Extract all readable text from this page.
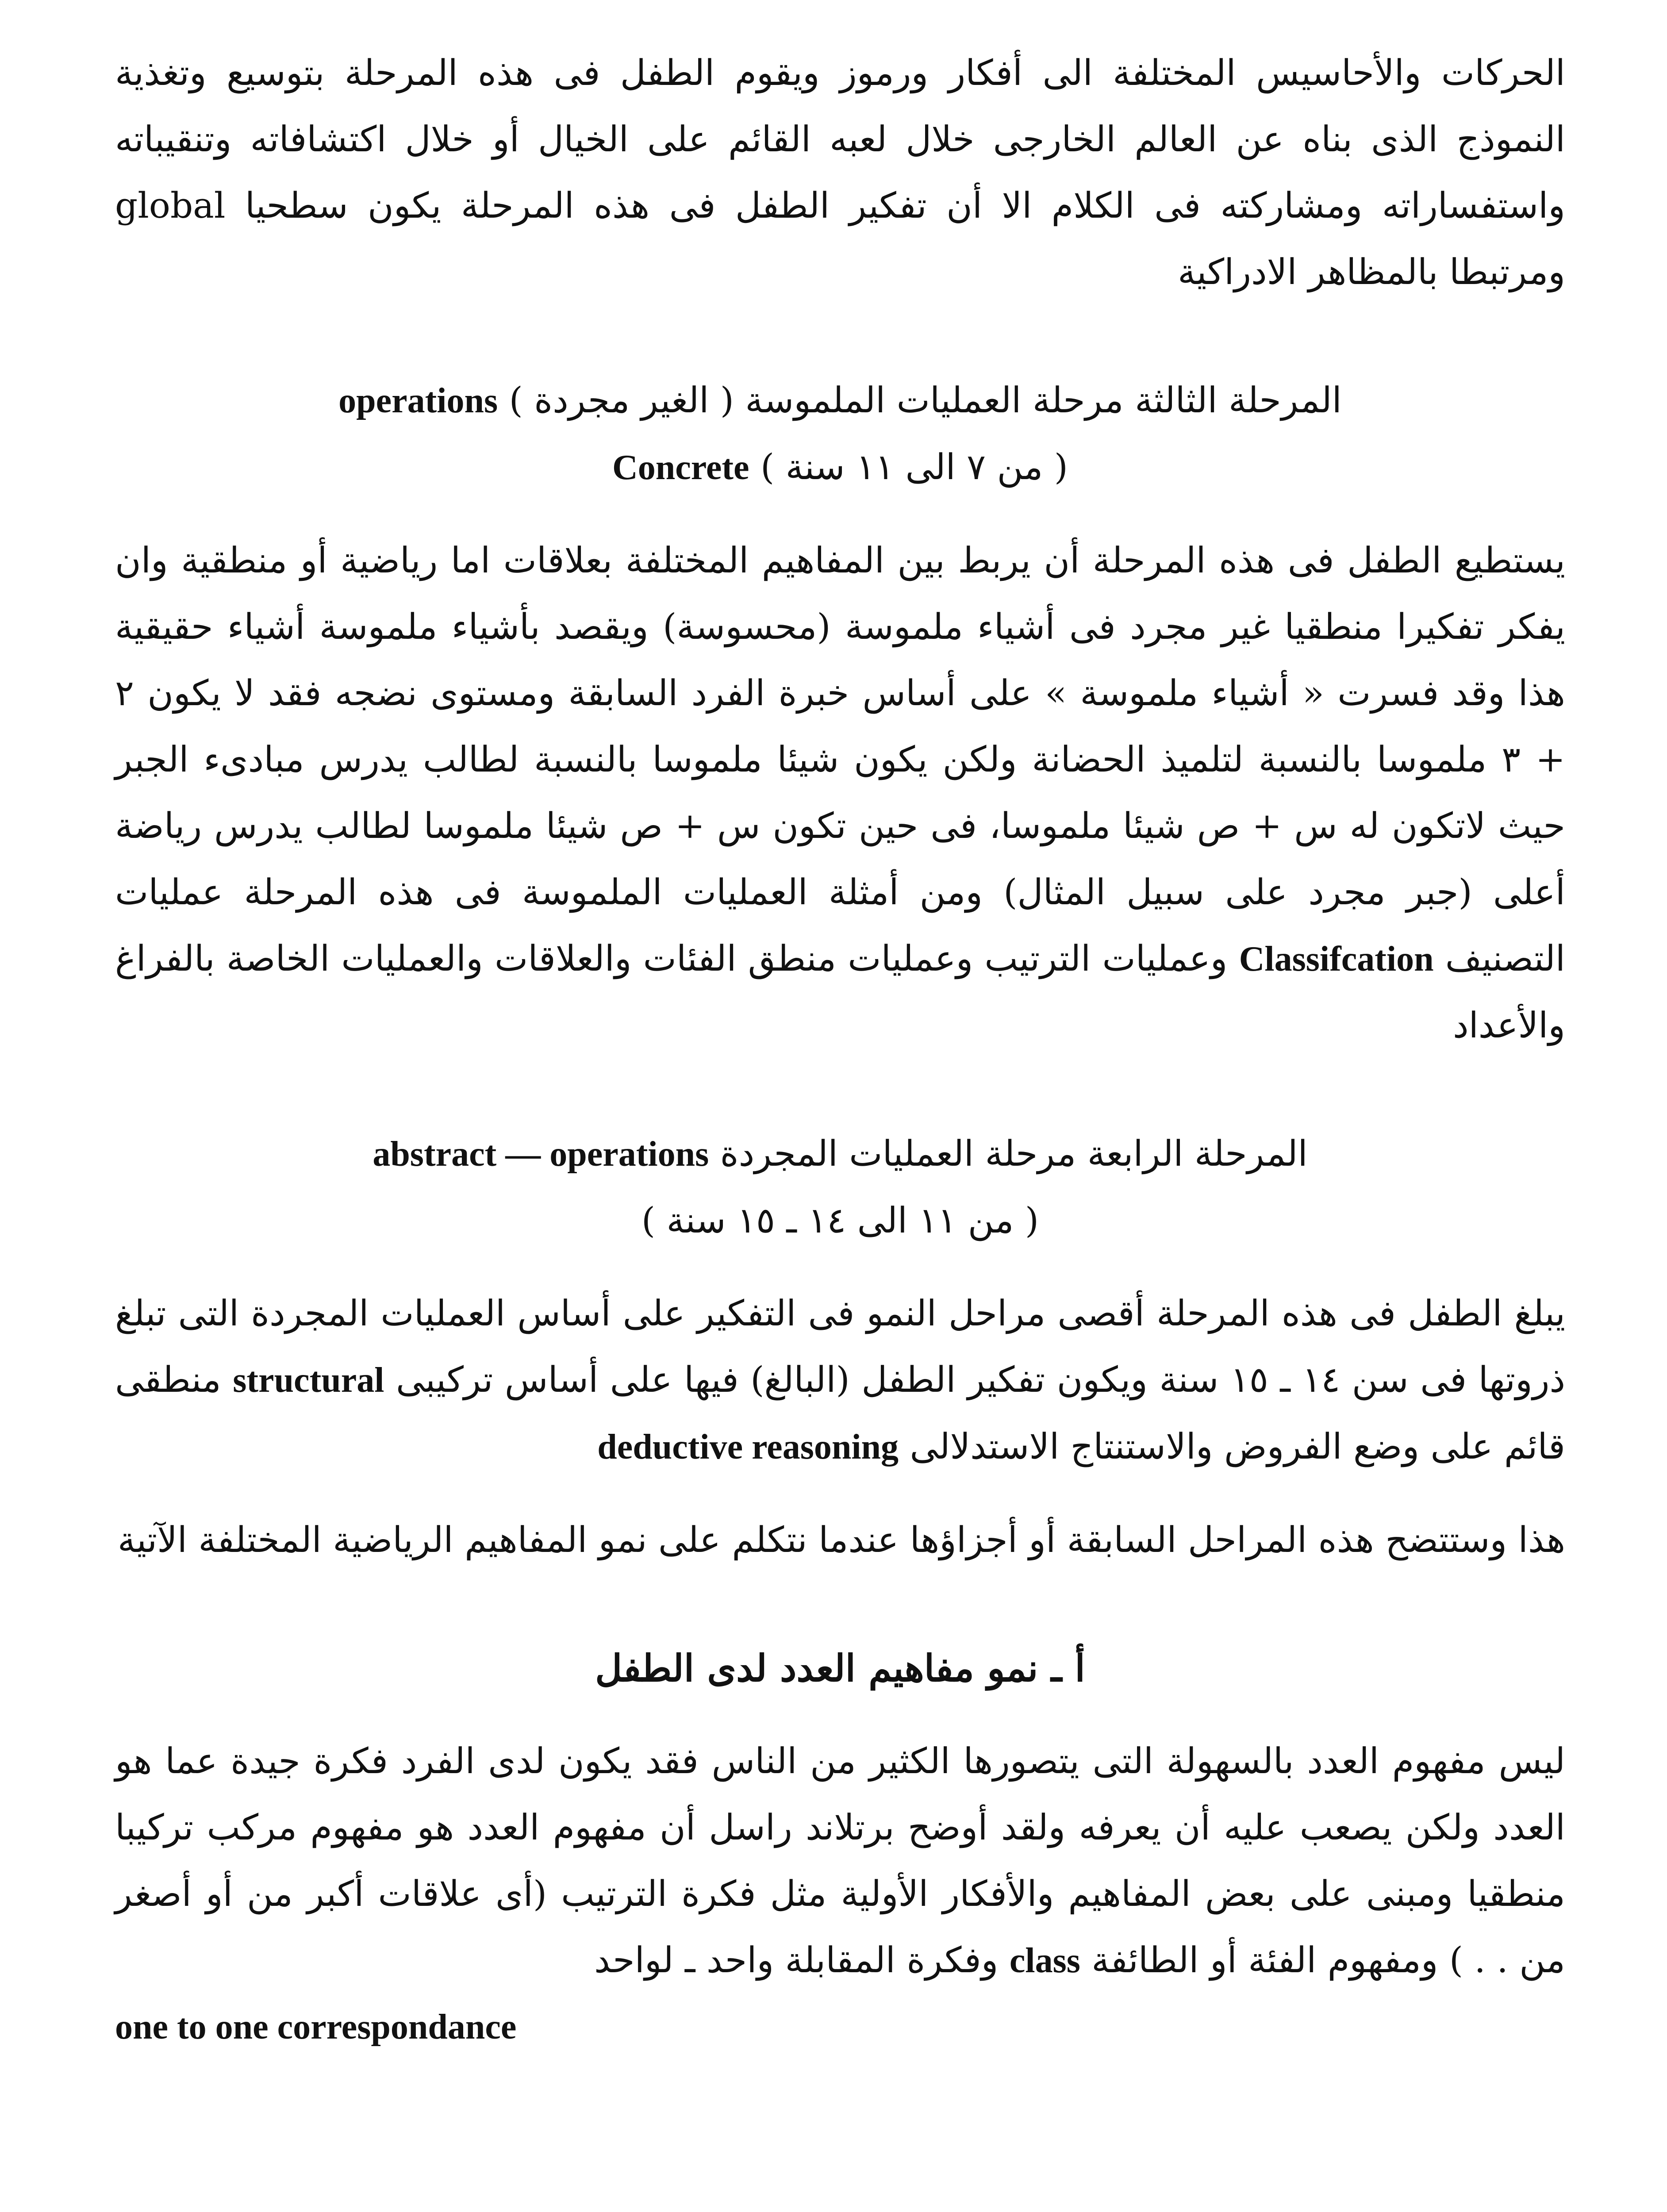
الحركات والأحاسيس المختلفة الى أفكار ورموز ويقوم الطفل فى هذه المرحلة بتوسيع وتغذية النموذج الذى بناه عن العالم الخارجى خلال لعبه القائم على الخيال أو خلال اكتشافاته وتنقيباته واستفساراته ومشاركته فى الكلام الا أن تفكير الطفل فى هذه المرحلة يكون سطحيا global ومرتبطا بالمظاهر الادراكية

المرحلة الثالثة مرحلة العمليات الملموسة ( الغير مجردة ) operations

( من ٧ الى ١١ سنة ) Concrete

يستطيع الطفل فى هذه المرحلة أن يربط بين المفاهيم المختلفة بعلاقات اما رياضية أو منطقية وان يفكر تفكيرا منطقيا غير مجرد فى أشياء ملموسة (محسوسة) ويقصد بأشياء ملموسة أشياء حقيقية هذا وقد فسرت « أشياء ملموسة » على أساس خبرة الفرد السابقة ومستوى نضجه فقد لا يكون ٢ + ٣ ملموسا بالنسبة لتلميذ الحضانة ولكن يكون شيئا ملموسا بالنسبة لطالب يدرس مبادىء الجبر حيث لاتكون له س + ص شيئا ملموسا، فى حين تكون س + ص شيئا ملموسا لطالب يدرس رياضة أعلى (جبر مجرد على سبيل المثال) ومن أمثلة العمليات الملموسة فى هذه المرحلة عمليات التصنيف Classifcation وعمليات الترتيب وعمليات منطق الفئات والعلاقات والعمليات الخاصة بالفراغ والأعداد

المرحلة الرابعة مرحلة العمليات المجردة abstract — operations

( من ١١ الى ١٤ ـ ١٥ سنة )

يبلغ الطفل فى هذه المرحلة أقصى مراحل النمو فى التفكير على أساس العمليات المجردة التى تبلغ ذروتها فى سن ١٤ ـ ١٥ سنة ويكون تفكير الطفل (البالغ) فيها على أساس تركيبى structural منطقى قائم على وضع الفروض والاستنتاج الاستدلالى deductive reasoning

هذا وستتضح هذه المراحل السابقة أو أجزاؤها عندما نتكلم على نمو المفاهيم الرياضية المختلفة الآتية

أ ـ نمو مفاهيم العدد لدى الطفل

ليس مفهوم العدد بالسهولة التى يتصورها الكثير من الناس فقد يكون لدى الفرد فكرة جيدة عما هو العدد ولكن يصعب عليه أن يعرفه ولقد أوضح برتلاند راسل أن مفهوم العدد هو مفهوم مركب تركيبا منطقيا ومبنى على بعض المفاهيم والأفكار الأولية مثل فكرة الترتيب (أى علاقات أكبر من أو أصغر من . . ) ومفهوم الفئة أو الطائفة class وفكرة المقابلة واحد ـ لواحد

one to one correspondance
